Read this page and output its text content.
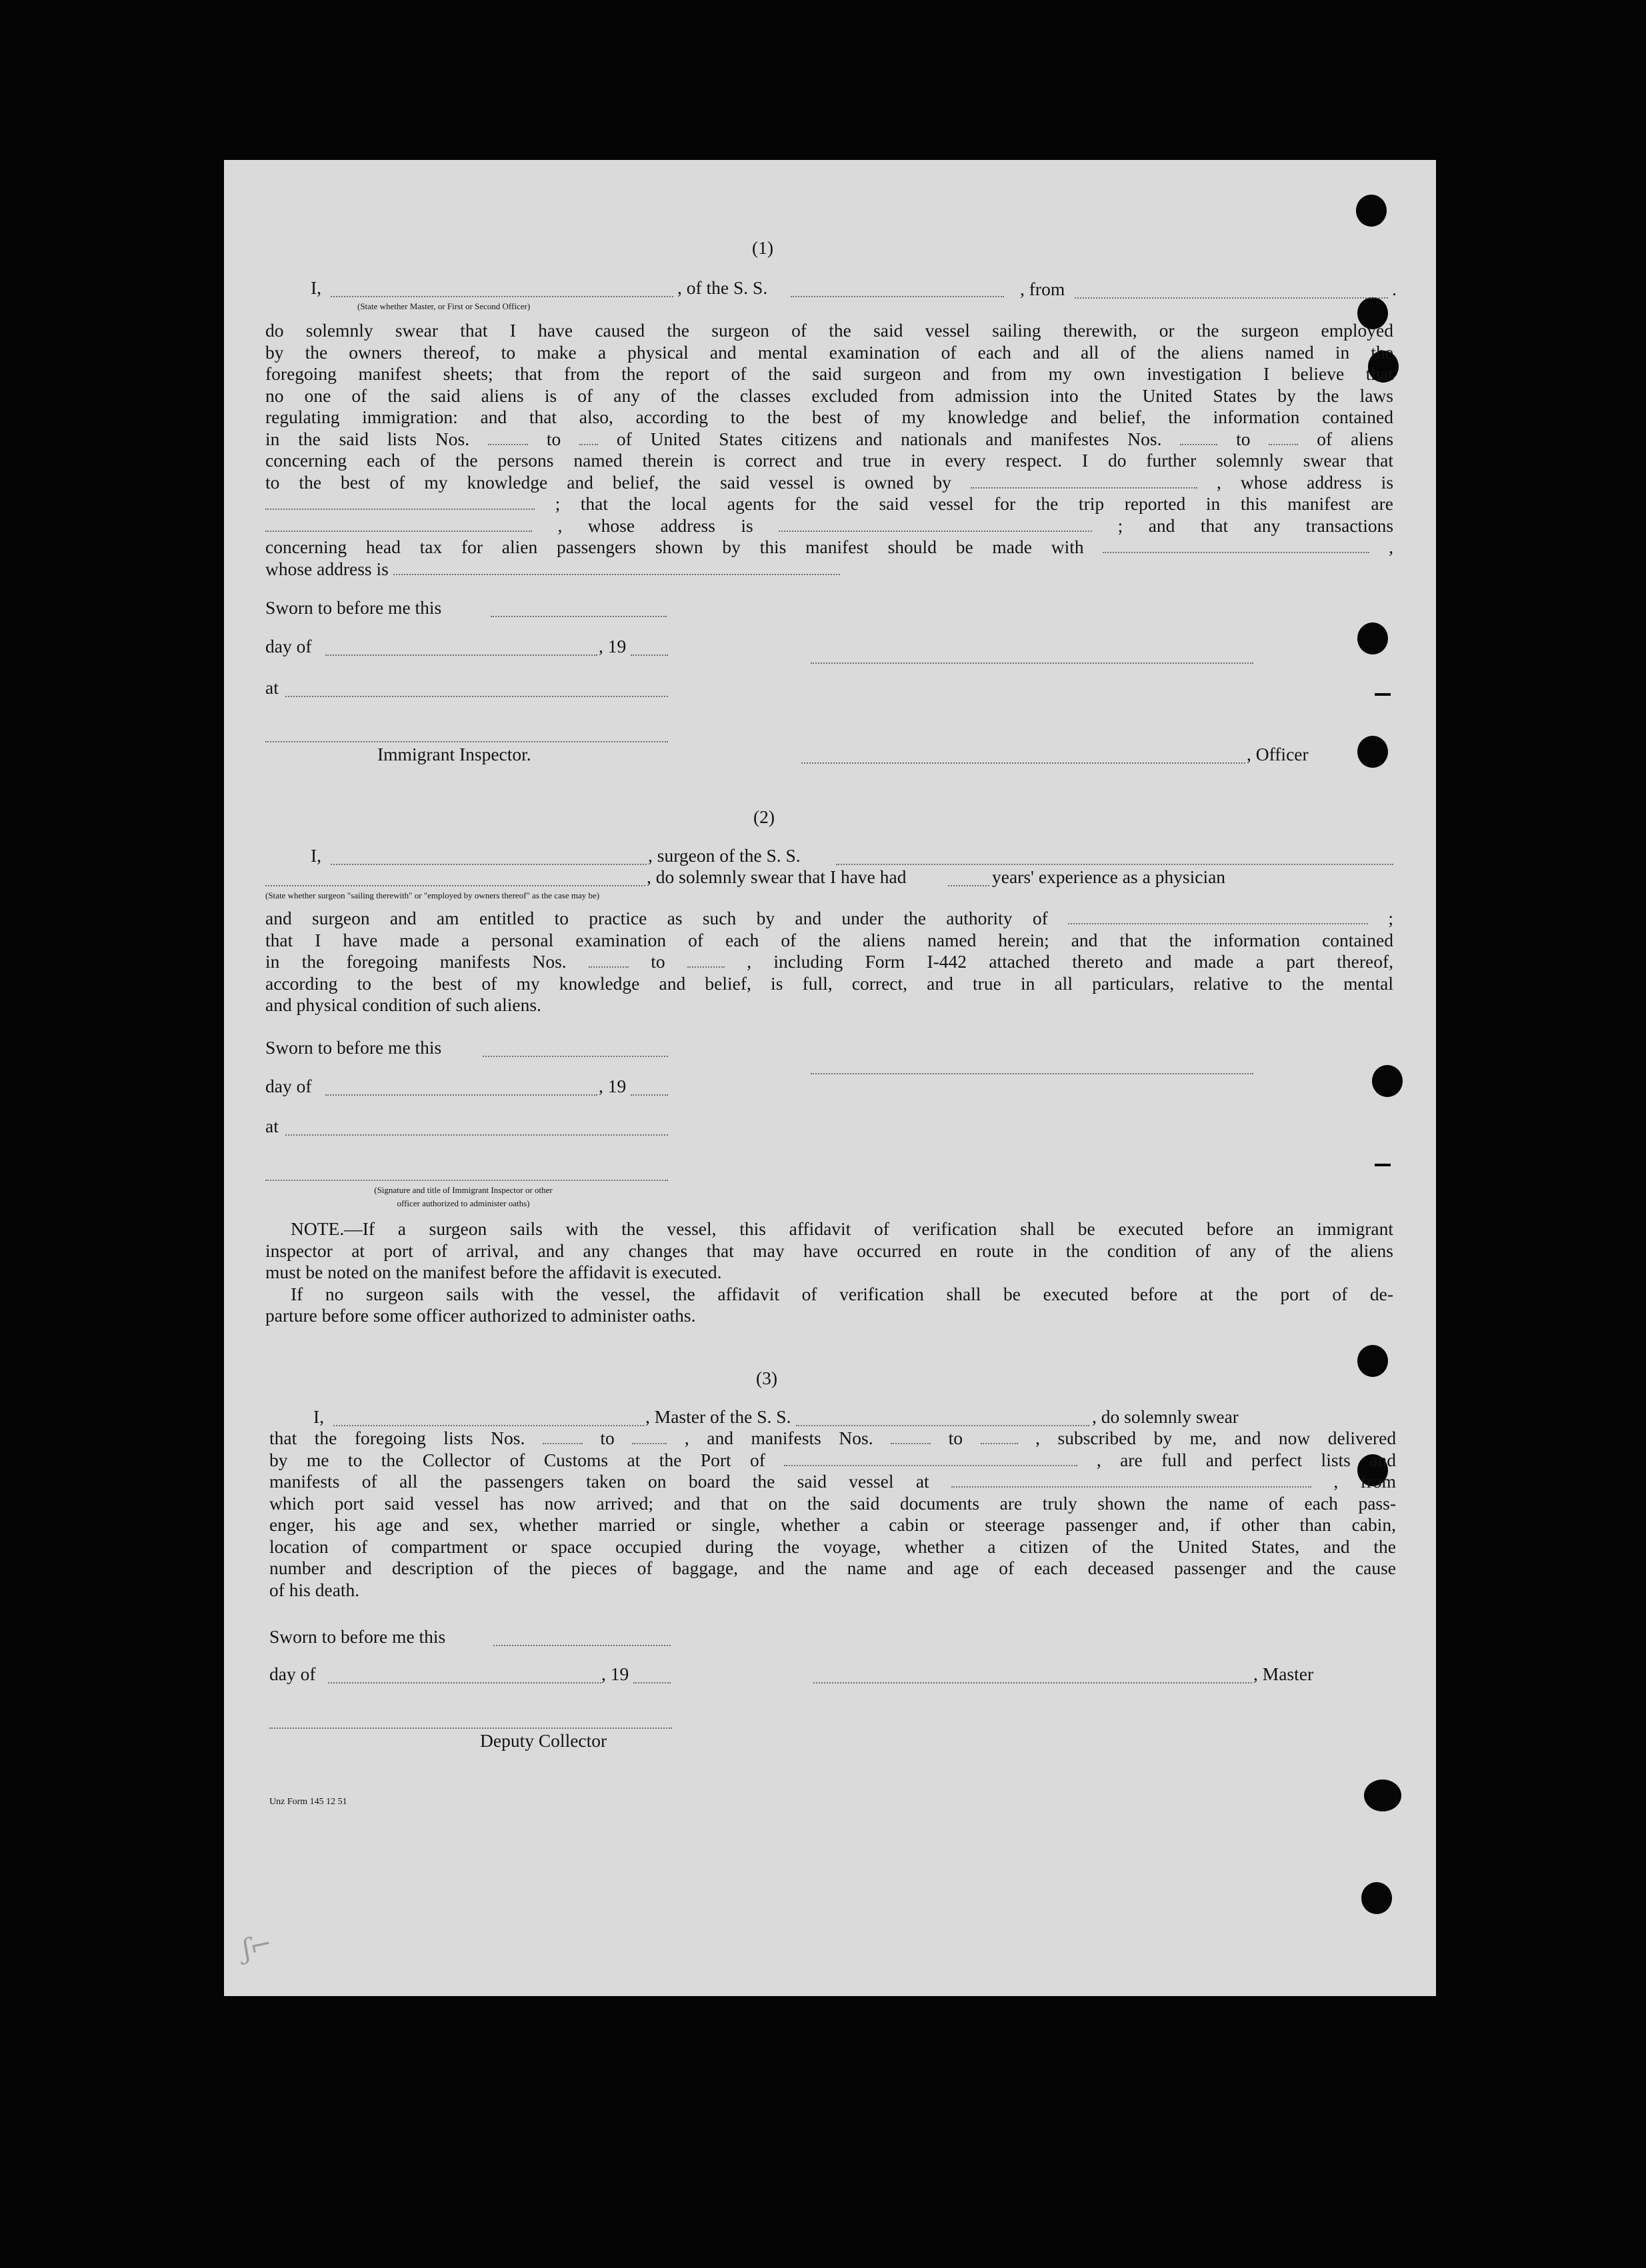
(1)
I,	, of the S. S.	, from	.
(State whether Master, or First or Second Officer)

do solemnly swear that I have caused the surgeon of the said vessel sailing therewith, or the surgeon employed

by the owners thereof, to make a physical and mental examination of each and all of the aliens named in the

foregoing manifest sheets; that from the report of the said surgeon and from my own investigation I believe that

no one of the said aliens is of any of the classes excluded from admission into the United States by the laws

regulating immigration: and that also, according to the best of my knowledge and belief, the information contained

in the said lists Nos.	to	of United States citizens and nationals and manifestes Nos.	to	of aliens

concerning each of the persons named therein is correct and true in every respect. I do further solemnly swear that

to the best of my knowledge and belief, the said vessel is owned by	, whose address is

; that the local agents for the said vessel for the trip reported in this manifest are

, whose address is	; and that any transactions

concerning head tax for alien passengers shown by this manifest should be made with	,

whose address is

Sworn to before me this
day of	, 19
at
Immigrant Inspector.	, Officer
(2)
I,	, surgeon of the S. S.
, do solemnly swear that I have had	years' experience as a physician
(State whether surgeon "sailing therewith" or "employed by owners thereof" as the case may be)

and surgeon and am entitled to practice as such by and under the authority of	;

that I have made a personal examination of each of the aliens named herein; and that the information contained

in the foregoing manifests Nos.	to	, including Form I-442 attached thereto and made a part thereof,

according to the best of my knowledge and belief, is full, correct, and true in all particulars, relative to the mental

and physical condition of such aliens.

Sworn to before me this
day of	, 19
at
(Signature and title of Immigrant Inspector or other
officer authorized to administer oaths)

NOTE.—If a surgeon sails with the vessel, this affidavit of verification shall be executed before an immigrant

inspector at port of arrival, and any changes that may have occurred en route in the condition of any of the aliens

must be noted on the manifest before the affidavit is executed.

If no surgeon sails with the vessel, the affidavit of verification shall be executed before at the port of de-

parture before some officer authorized to administer oaths.

(3)
I,	, Master of the S. S.	, do solemnly swear

that the foregoing lists Nos.	to	, and manifests Nos.	to	, subscribed by me, and now delivered

by me to the Collector of Customs at the Port of	, are full and perfect lists and

manifests of all the passengers taken on board the said vessel at	, from

which port said vessel has now arrived; and that on the said documents are truly shown the name of each pass-

enger, his age and sex, whether married or single, whether a cabin or steerage passenger and, if other than cabin,

location of compartment or space occupied during the voyage, whether a citizen of the United States, and the

number and description of the pieces of baggage, and the name and age of each deceased passenger and the cause

of his death.

Sworn to before me this
day of	, 19	, Master
Deputy Collector
Unz Form 145 12 51
ʃ⌐
